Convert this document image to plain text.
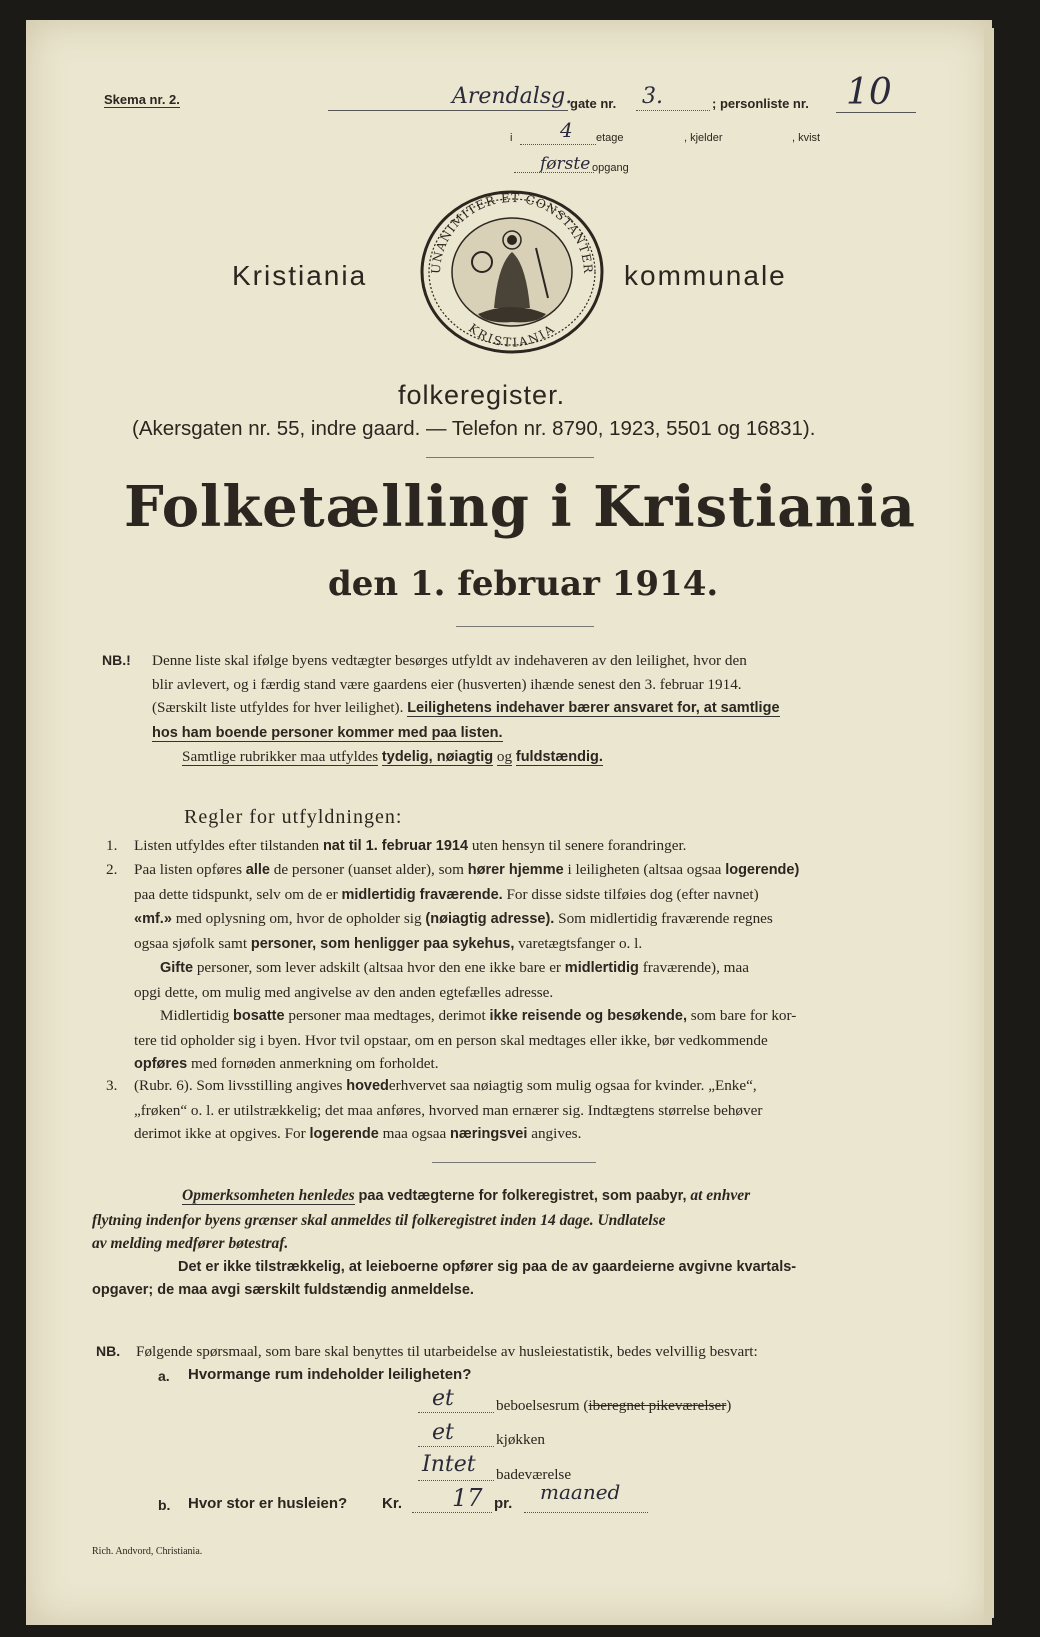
Skema nr. 2.	Arendalsg.
gate nr. 3.	; personliste nr. 10
i 4 etage	, kjelder	, kvist
første opgang
UNANIMITER ET CONSTANTER
KRISTIANIA
Kristiania	kommunale
folkeregister.
(Akersgaten nr. 55, indre gaard. — Telefon nr. 8790, 1923, 5501 og 16831).
Folketælling i Kristiania
den 1. februar 1914.
NB.! Denne liste skal ifølge byens vedtægter besørges utfyldt av indehaveren av den leilighet, hvor den
blir avlevert, og i færdig stand være gaardens eier (husverten) ihænde senest den 3. februar 1914.
(Særskilt liste utfyldes for hver leilighet). Leilighetens indehaver bærer ansvaret for, at samtlige
hos ham boende personer kommer med paa listen.
Samtlige rubrikker maa utfyldes tydelig, nøiagtig og fuldstændig.
Regler for utfyldningen:
1. Listen utfyldes efter tilstanden nat til 1. februar 1914 uten hensyn til senere forandringer.
2. Paa listen opføres alle de personer (uanset alder), som hører hjemme i leiligheten (altsaa ogsaa logerende)
paa dette tidspunkt, selv om de er midlertidig fraværende. For disse sidste tilføies dog (efter navnet)
«mf.» med oplysning om, hvor de opholder sig (nøiagtig adresse). Som midlertidig fraværende regnes
ogsaa sjøfolk samt personer, som henligger paa sykehus, varetægtsfanger o. l.
Gifte personer, som lever adskilt (altsaa hvor den ene ikke bare er midlertidig fraværende), maa
opgi dette, om mulig med angivelse av den anden egtefælles adresse.
Midlertidig bosatte personer maa medtages, derimot ikke reisende og besøkende, som bare for kor-
tere tid opholder sig i byen. Hvor tvil opstaar, om en person skal medtages eller ikke, bør vedkommende
opføres med fornøden anmerkning om forholdet.
3. (Rubr. 6). Som livsstilling angives hovederhvervet saa nøiagtig som mulig ogsaa for kvinder. „Enke“,
„frøken“ o. l. er utilstrækkelig; det maa anføres, hvorved man ernærer sig. Indtægtens størrelse behøver
derimot ikke at opgives. For logerende maa ogsaa næringsvei angives.
Opmerksomheten henledes paa vedtægterne for folkeregistret, som paabyr, at enhver
flytning indenfor byens grænser skal anmeldes til folkeregistret inden 14 dage. Undlatelse
av melding medfører bøtestraf.
Det er ikke tilstrækkelig, at leieboerne opfører sig paa de av gaardeierne avgivne kvartals-
opgaver; de maa avgi særskilt fuldstændig anmeldelse.
NB. Følgende spørsmaal, som bare skal benyttes til utarbeidelse av husleiestatistik, bedes velvillig besvart:
a. Hvormange rum indeholder leiligheten?
et	beboelsesrum (iberegnet pikeværelser)
et	kjøkken
Intet badeværelse
b. Hvor stor er husleien? Kr. 17 pr. maaned
Rich. Andvord, Christiania.
